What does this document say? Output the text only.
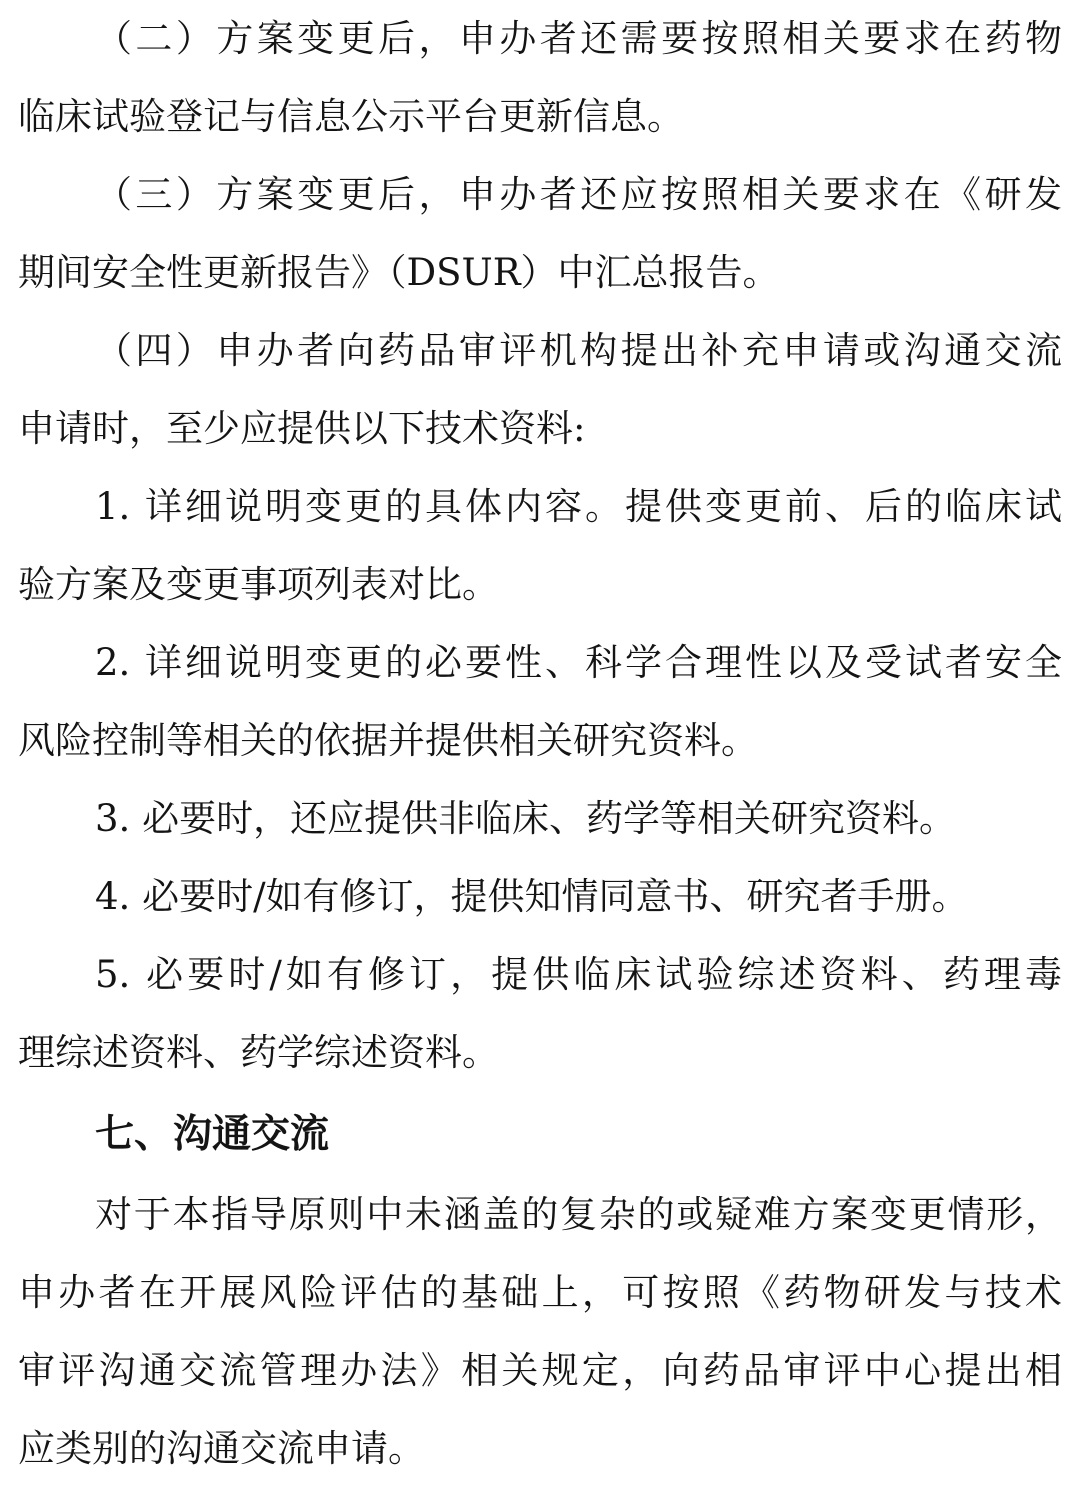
（二）方案变更后，申办者还需要按照相关要求在药物
临床试验登记与信息公示平台更新信息。
（三）方案变更后，申办者还应按照相关要求在《研发
期间安全性更新报告》（DSUR）中汇总报告。
（四）申办者向药品审评机构提出补充申请或沟通交流
申请时，至少应提供以下技术资料:
1. 详细说明变更的具体内容。提供变更前、后的临床试
验方案及变更事项列表对比。
2. 详细说明变更的必要性、科学合理性以及受试者安全
风险控制等相关的依据并提供相关研究资料。
3. 必要时，还应提供非临床、药学等相关研究资料。
4. 必要时/如有修订，提供知情同意书、研究者手册。
5. 必要时/如有修订，提供临床试验综述资料、药理毒
理综述资料、药学综述资料。
七、沟通交流
对于本指导原则中未涵盖的复杂的或疑难方案变更情形，
申办者在开展风险评估的基础上，可按照《药物研发与技术
审评沟通交流管理办法》相关规定，向药品审评中心提出相
应类别的沟通交流申请。
